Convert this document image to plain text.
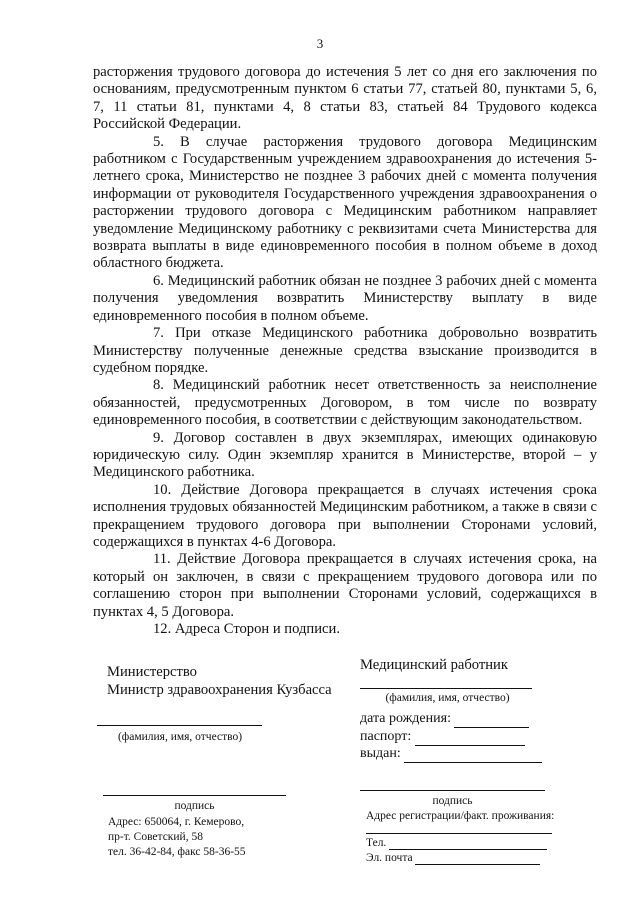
3

расторжения трудового договора до истечения 5 лет со дня его заключения по основаниям, предусмотренным пунктом 6 статьи 77, статьей 80, пунктами 5, 6, 7, 11 статьи 81, пунктами 4, 8 статьи 83, статьей 84 Трудового кодекса Российской Федерации.

5. В случае расторжения трудового договора Медицинским работником с Государственным учреждением здравоохранения до истечения 5-летнего срока, Министерство не позднее 3 рабочих дней с момента получения информации от руководителя Государственного учреждения здравоохранения о расторжении трудового договора с Медицинским работником направляет уведомление Медицинскому работнику с реквизитами счета Министерства для возврата выплаты в виде единовременного пособия в полном объеме в доход областного бюджета.

6. Медицинский работник обязан не позднее 3 рабочих дней с момента получения уведомления возвратить Министерству выплату в виде единовременного пособия в полном объеме.

7. При отказе Медицинского работника добровольно возвратить Министерству полученные денежные средства взыскание производится в судебном порядке.

8. Медицинский работник несет ответственность за неисполнение обязанностей, предусмотренных Договором, в том числе по возврату единовременного пособия, в соответствии с действующим законодательством.

9. Договор составлен в двух экземплярах, имеющих одинаковую юридическую силу. Один экземпляр хранится в Министерстве, второй – у Медицинского работника.

10. Действие Договора прекращается в случаях истечения срока исполнения трудовых обязанностей Медицинским работником, а также в связи с прекращением трудового договора при выполнении Сторонами условий, содержащихся в пунктах 4-6 Договора.

11. Действие Договора прекращается в случаях истечения срока, на который он заключен, в связи с прекращением трудового договора или по соглашению сторон при выполнении Сторонами условий, содержащихся в пунктах 4, 5 Договора.

12. Адреса Сторон и подписи.

Министерство
Министр здравоохранения Кузбасса
(фамилия, имя, отчество)
подпись
Адрес: 650064, г. Кемерово,
пр-т. Советский, 58
тел. 36-42-84, факс 58-36-55
Медицинский работник
(фамилия, имя, отчество)
дата рождения:
паспорт:
выдан:
подпись
Адрес регистрации/факт. проживания:
Тел.
Эл. почта
